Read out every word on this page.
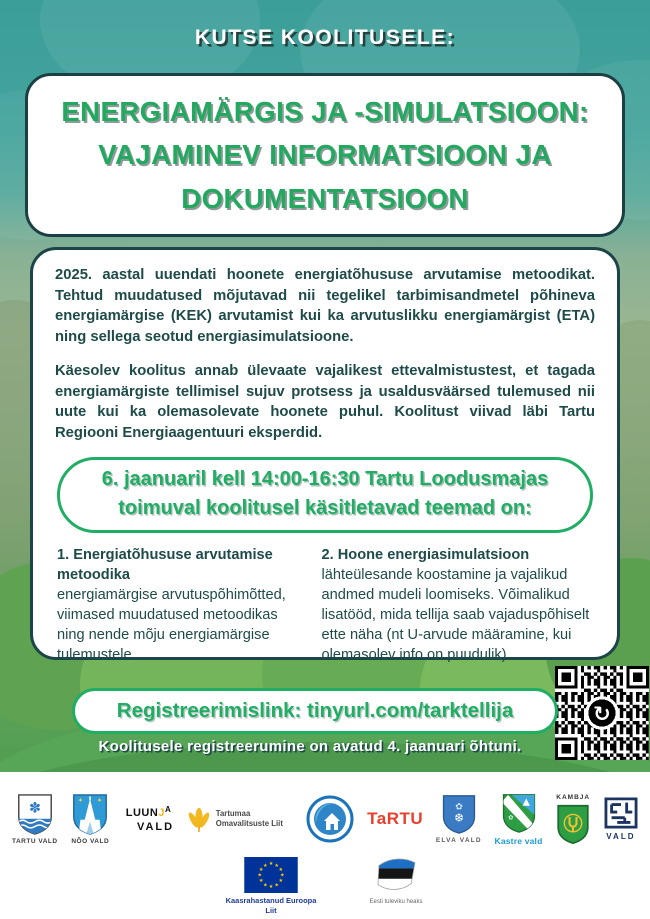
KUTSE KOOLITUSELE:
ENERGIAMÄRGIS JA -SIMULATSIOON:
VAJAMINEV INFORMATSIOON JA
DOKUMENTATSIOON

2025. aastal uuendati hoonete energiatõhususe arvutamise metoodikat. Tehtud muudatused mõjutavad nii tegelikel tarbimisandmetel põhineva energiamärgise (KEK) arvutamist kui ka arvutuslikku energiamärgist (ETA) ning sellega seotud energiasimulatsioone.

Käesolev koolitus annab ülevaate vajalikest ettevalmistustest, et tagada energiamärgiste tellimisel sujuv protsess ja usaldusväärsed tulemused nii uute kui ka olemasolevate hoonete puhul. Koolitust viivad läbi Tartu Regiooni Energiaagentuuri eksperdid.

6. jaanuaril kell 14:00-16:30 Tartu Loodusmajas
toimuval koolitusel käsitletavad teemad on:
1. Energiatõhususe arvutamise metoodika
energiamärgise arvutuspõhimõtted, viimased muudatused metoodikas ning nende mõju energiamärgise tulemustele.
2. Hoone energiasimulatsioon
lähteülesande koostamine ja vajalikud andmed mudeli loomiseks. Võimalikud lisatööd, mida tellija saab vajaduspõhiselt ette näha (nt U-arvude määramine, kui olemasolev info on puudulik).
↻
Registreerimislink: tinyurl.com/tarktellija
Koolitusele registreerumine on avatud 4. jaanuari õhtuni.
✽
TARTU VALD
✦ ✦
NÕO VALD
$LUUNJ^A$
VALD
Tartumaa Omavalitsuste Liit	TaRTU
✿
❆
ELVA VALD
✿
Kastre vald
KAMBJA
VALD
★ ★
★
★
★
★
★
★
★
★
★
★
Kaasrahastanud Euroopa Liit
Eesti tuleviku heaks
